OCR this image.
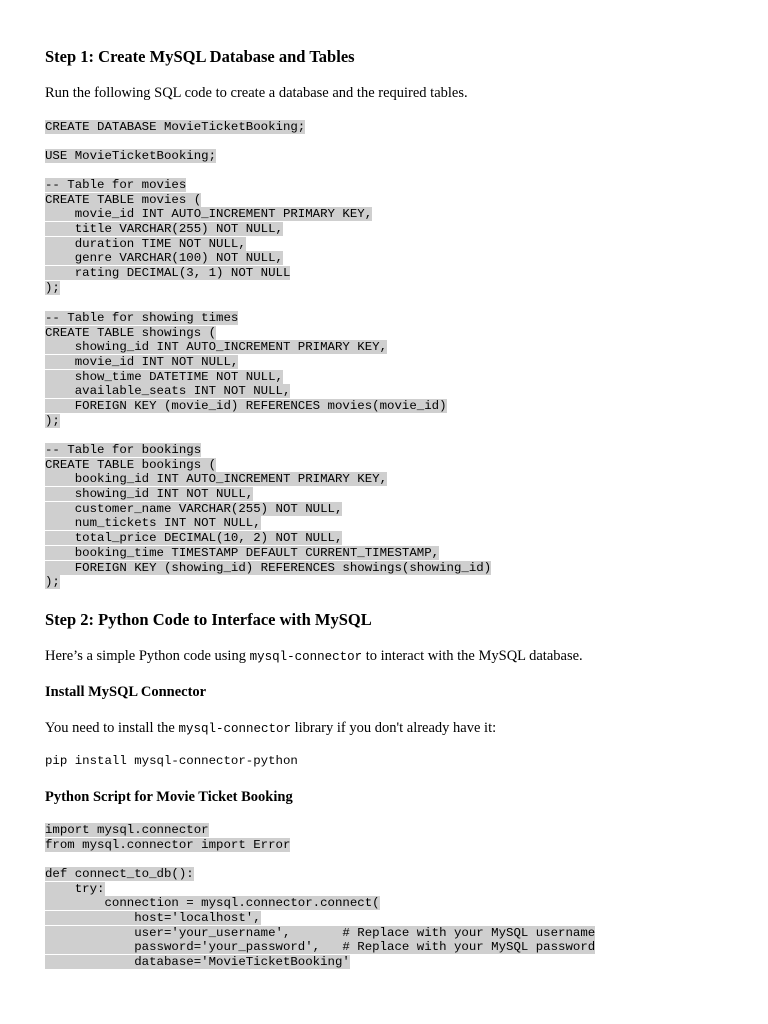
Step 1: Create MySQL Database and Tables

Run the following SQL code to create a database and the required tables.

CREATE DATABASE MovieTicketBooking;
USE MovieTicketBooking;
-- Table for movies
CREATE TABLE movies (
movie_id INT AUTO_INCREMENT PRIMARY KEY,
title VARCHAR(255) NOT NULL,
duration TIME NOT NULL,
genre VARCHAR(100) NOT NULL,
rating DECIMAL(3, 1) NOT NULL
);
-- Table for showing times
CREATE TABLE showings (
showing_id INT AUTO_INCREMENT PRIMARY KEY,
movie_id INT NOT NULL,
show_time DATETIME NOT NULL,
available_seats INT NOT NULL,
FOREIGN KEY (movie_id) REFERENCES movies(movie_id)
);
-- Table for bookings
CREATE TABLE bookings (
booking_id INT AUTO_INCREMENT PRIMARY KEY,
showing_id INT NOT NULL,
customer_name VARCHAR(255) NOT NULL,
num_tickets INT NOT NULL,
total_price DECIMAL(10, 2) NOT NULL,
booking_time TIMESTAMP DEFAULT CURRENT_TIMESTAMP,
FOREIGN KEY (showing_id) REFERENCES showings(showing_id)
);
Step 2: Python Code to Interface with MySQL

Here’s a simple Python code using mysql-connector to interact with the MySQL database.

Install MySQL Connector

You need to install the mysql-connector library if you don't already have it:

pip install mysql-connector-python
Python Script for Movie Ticket Booking
import mysql.connector
from mysql.connector import Error
def connect_to_db():
try:
connection = mysql.connector.connect(
host='localhost',
user='your_username',       # Replace with your MySQL username
password='your_password',   # Replace with your MySQL password
database='MovieTicketBooking'
